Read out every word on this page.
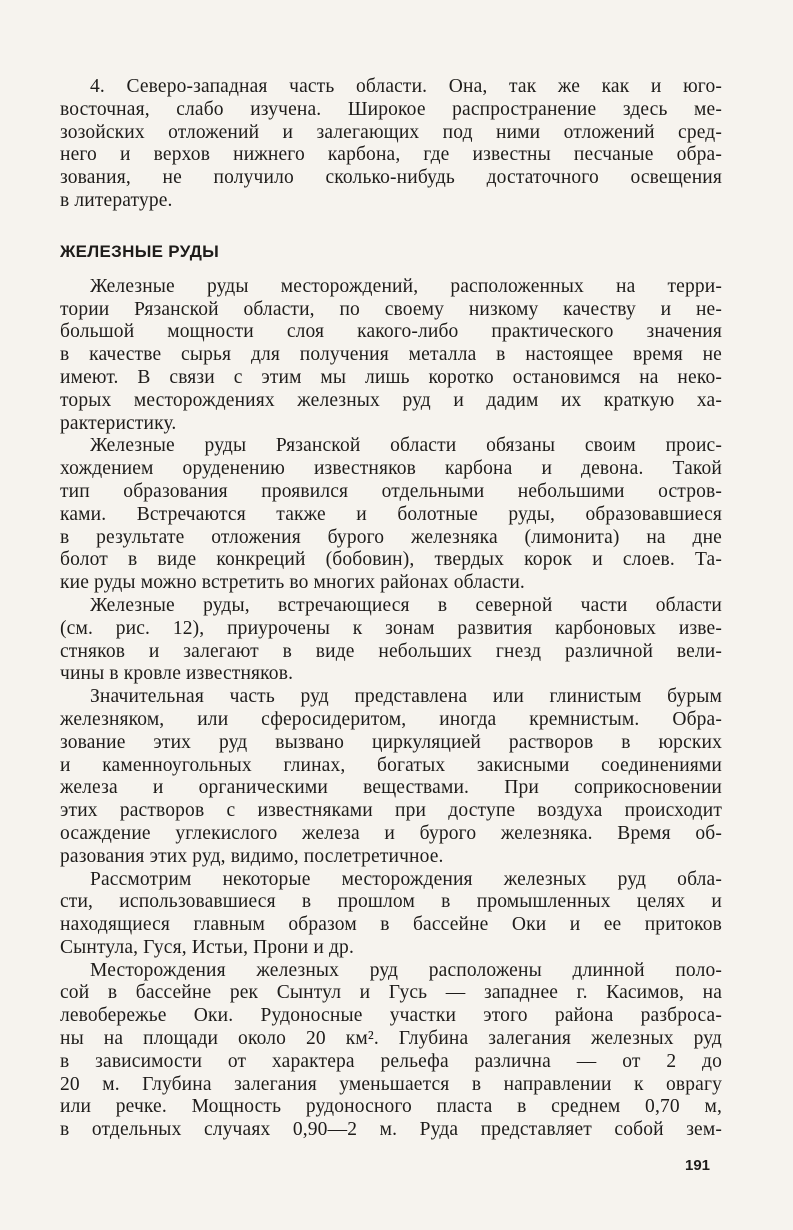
4. Северо-западная часть области. Она, так же как и юго-
восточная, слабо изучена. Широкое распространение здесь ме-
зозойских отложений и залегающих под ними отложений сред-
него и верхов нижнего карбона, где известны песчаные обра-
зования, не получило сколько-нибудь достаточного освещения
в литературе.
ЖЕЛЕЗНЫЕ РУДЫ
Железные руды месторождений, расположенных на терри-
тории Рязанской области, по своему низкому качеству и не-
большой мощности слоя какого-либо практического значения
в качестве сырья для получения металла в настоящее время не
имеют. В связи с этим мы лишь коротко остановимся на неко-
торых месторождениях железных руд и дадим их краткую ха-
рактеристику.
Железные руды Рязанской области обязаны своим проис-
хождением оруденению известняков карбона и девона. Такой
тип образования проявился отдельными небольшими остров-
ками. Встречаются также и болотные руды, образовавшиеся
в результате отложения бурого железняка (лимонита) на дне
болот в виде конкреций (бобовин), твердых корок и слоев. Та-
кие руды можно встретить во многих районах области.
Железные руды, встречающиеся в северной части области
(см. рис. 12), приурочены к зонам развития карбоновых изве-
стняков и залегают в виде небольших гнезд различной вели-
чины в кровле известняков.
Значительная часть руд представлена или глинистым бурым
железняком, или сферосидеритом, иногда кремнистым. Обра-
зование этих руд вызвано циркуляцией растворов в юрских
и каменноугольных глинах, богатых закисными соединениями
железа и органическими веществами. При соприкосновении
этих растворов с известняками при доступе воздуха происходит
осаждение углекислого железа и бурого железняка. Время об-
разования этих руд, видимо, послетретичное.
Рассмотрим некоторые месторождения железных руд обла-
сти, использовавшиеся в прошлом в промышленных целях и
находящиеся главным образом в бассейне Оки и ее притоков
Сынтула, Гуся, Истьи, Прони и др.
Месторождения железных руд расположены длинной поло-
сой в бассейне рек Сынтул и Гусь — западнее г. Касимов, на
левобережье Оки. Рудоносные участки этого района разброса-
ны на площади около 20 км². Глубина залегания железных руд
в зависимости от характера рельефа различна — от 2 до
20 м. Глубина залегания уменьшается в направлении к оврагу
или речке. Мощность рудоносного пласта в среднем 0,70 м,
в отдельных случаях 0,90—2 м. Руда представляет собой зем-
191
